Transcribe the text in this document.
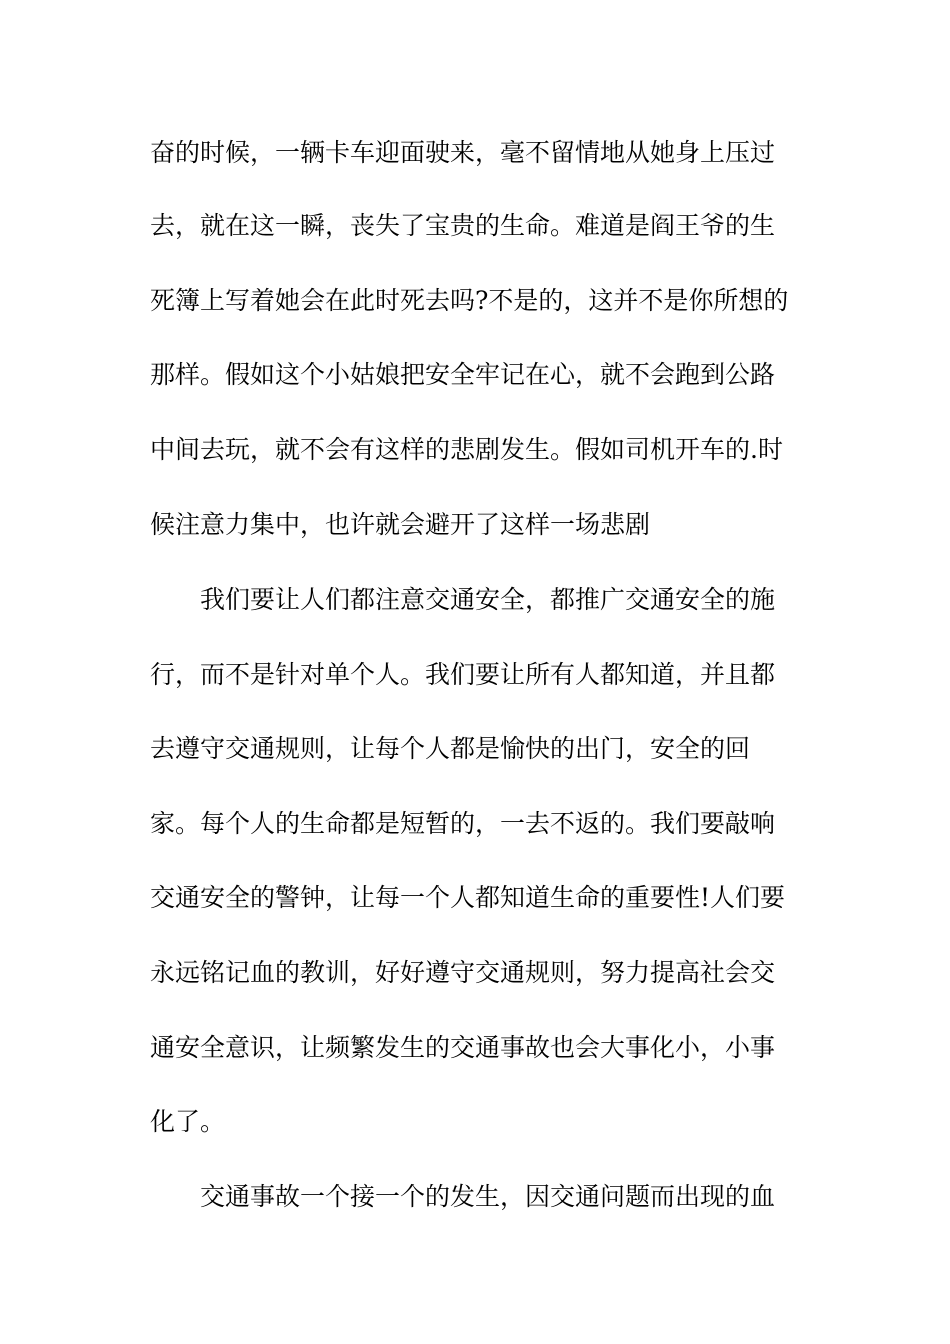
奋的时候，一辆卡车迎面驶来，毫不留情地从她身上压过
去，就在这一瞬，丧失了宝贵的生命。难道是阎王爷的生
死簿上写着她会在此时死去吗?不是的，这并不是你所想的
那样。假如这个小姑娘把安全牢记在心，就不会跑到公路
中间去玩，就不会有这样的悲剧发生。假如司机开车的.时
候注意力集中，也许就会避开了这样一场悲剧
我们要让人们都注意交通安全，都推广交通安全的施
行，而不是针对单个人。我们要让所有人都知道，并且都
去遵守交通规则，让每个人都是愉快的出门，安全的回
家。每个人的生命都是短暂的，一去不返的。我们要敲响
交通安全的警钟，让每一个人都知道生命的重要性!人们要
永远铭记血的教训，好好遵守交通规则，努力提高社会交
通安全意识，让频繁发生的交通事故也会大事化小，小事
化了。
交通事故一个接一个的发生，因交通问题而出现的血
